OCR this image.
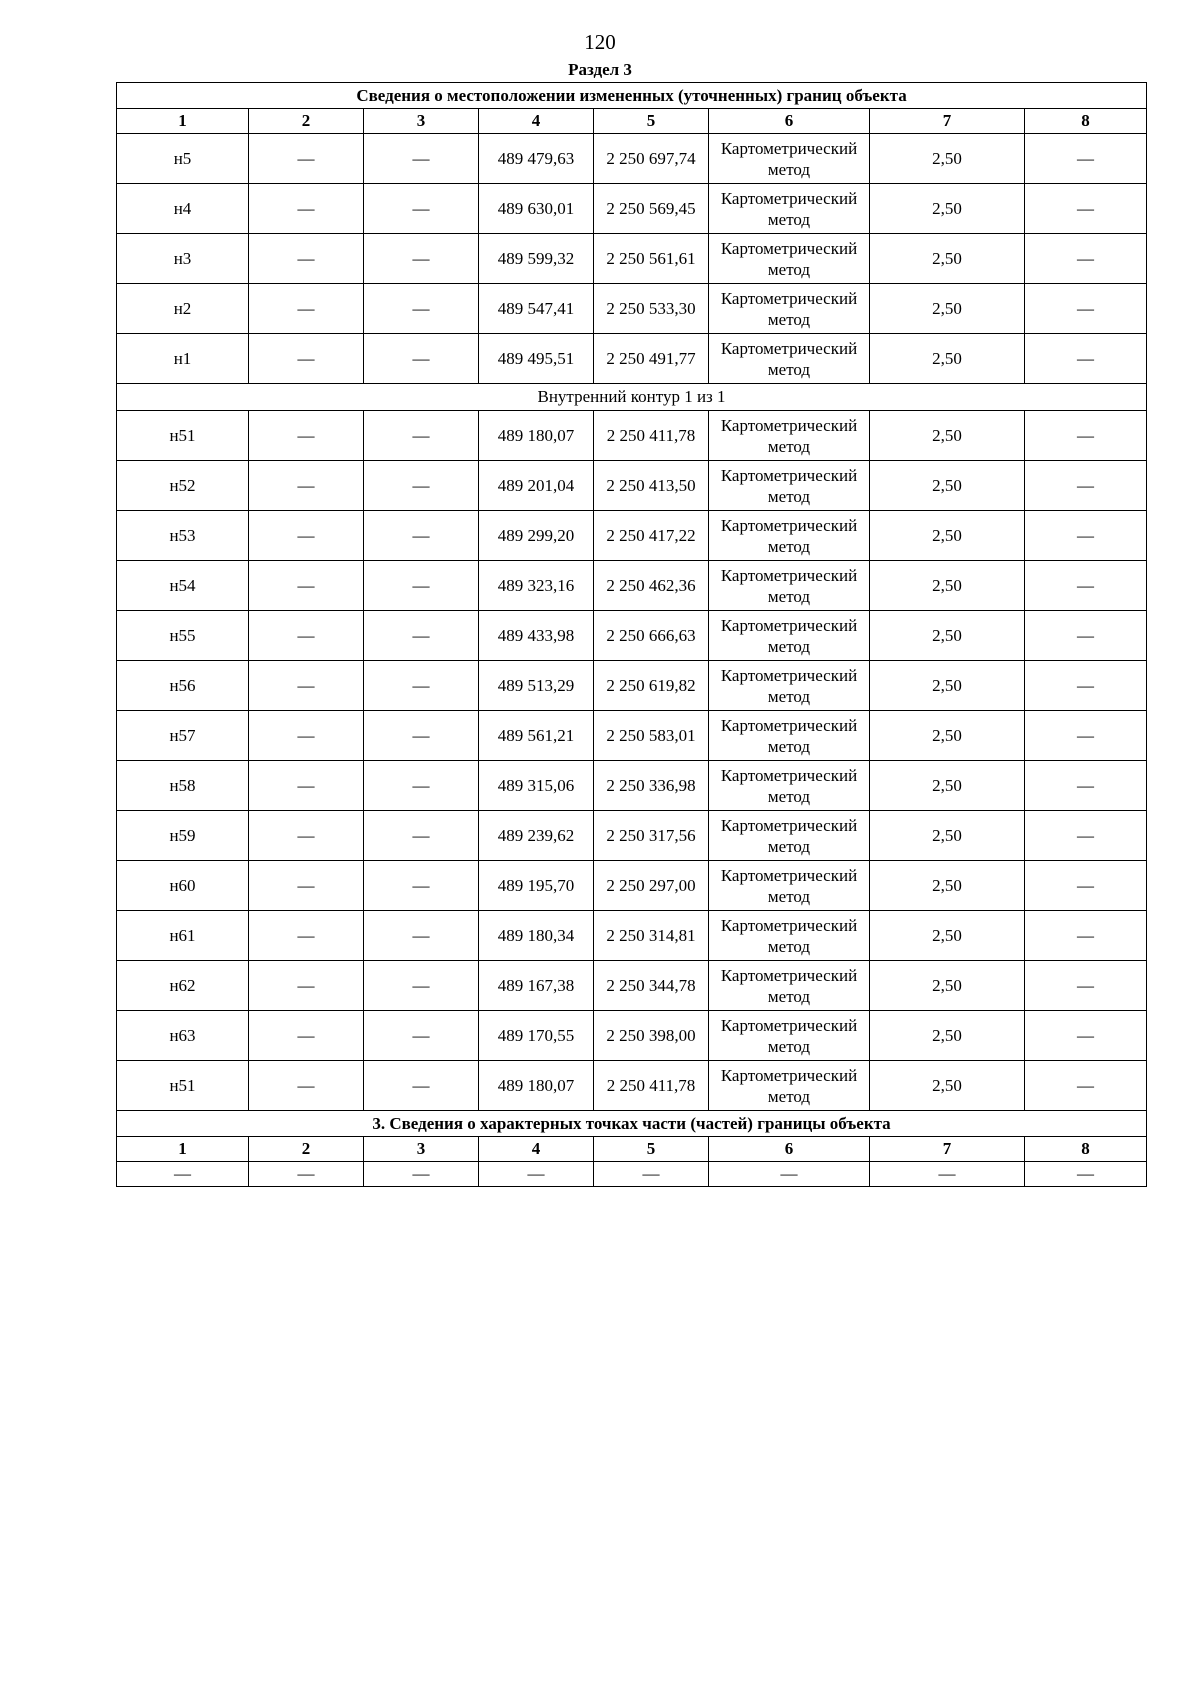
120
Раздел 3
Сведения о местоположении измененных (уточненных) границ объекта							
1	2	3	4	5	6	7	8
н5	—	—	489 479,63	2 250 697,74	Картометрический метод	2,50	—
н4	—	—	489 630,01	2 250 569,45	Картометрический метод	2,50	—
н3	—	—	489 599,32	2 250 561,61	Картометрический метод	2,50	—
н2	—	—	489 547,41	2 250 533,30	Картометрический метод	2,50	—
н1	—	—	489 495,51	2 250 491,77	Картометрический метод	2,50	—
Внутренний контур 1 из 1							
н51	—	—	489 180,07	2 250 411,78	Картометрический метод	2,50	—
н52	—	—	489 201,04	2 250 413,50	Картометрический метод	2,50	—
н53	—	—	489 299,20	2 250 417,22	Картометрический метод	2,50	—
н54	—	—	489 323,16	2 250 462,36	Картометрический метод	2,50	—
н55	—	—	489 433,98	2 250 666,63	Картометрический метод	2,50	—
н56	—	—	489 513,29	2 250 619,82	Картометрический метод	2,50	—
н57	—	—	489 561,21	2 250 583,01	Картометрический метод	2,50	—
н58	—	—	489 315,06	2 250 336,98	Картометрический метод	2,50	—
н59	—	—	489 239,62	2 250 317,56	Картометрический метод	2,50	—
н60	—	—	489 195,70	2 250 297,00	Картометрический метод	2,50	—
н61	—	—	489 180,34	2 250 314,81	Картометрический метод	2,50	—
н62	—	—	489 167,38	2 250 344,78	Картометрический метод	2,50	—
н63	—	—	489 170,55	2 250 398,00	Картометрический метод	2,50	—
н51	—	—	489 180,07	2 250 411,78	Картометрический метод	2,50	—
3. Сведения о характерных точках части (частей) границы объекта							
1	2	3	4	5	6	7	8
—	—	—	—	—	—	—	—
